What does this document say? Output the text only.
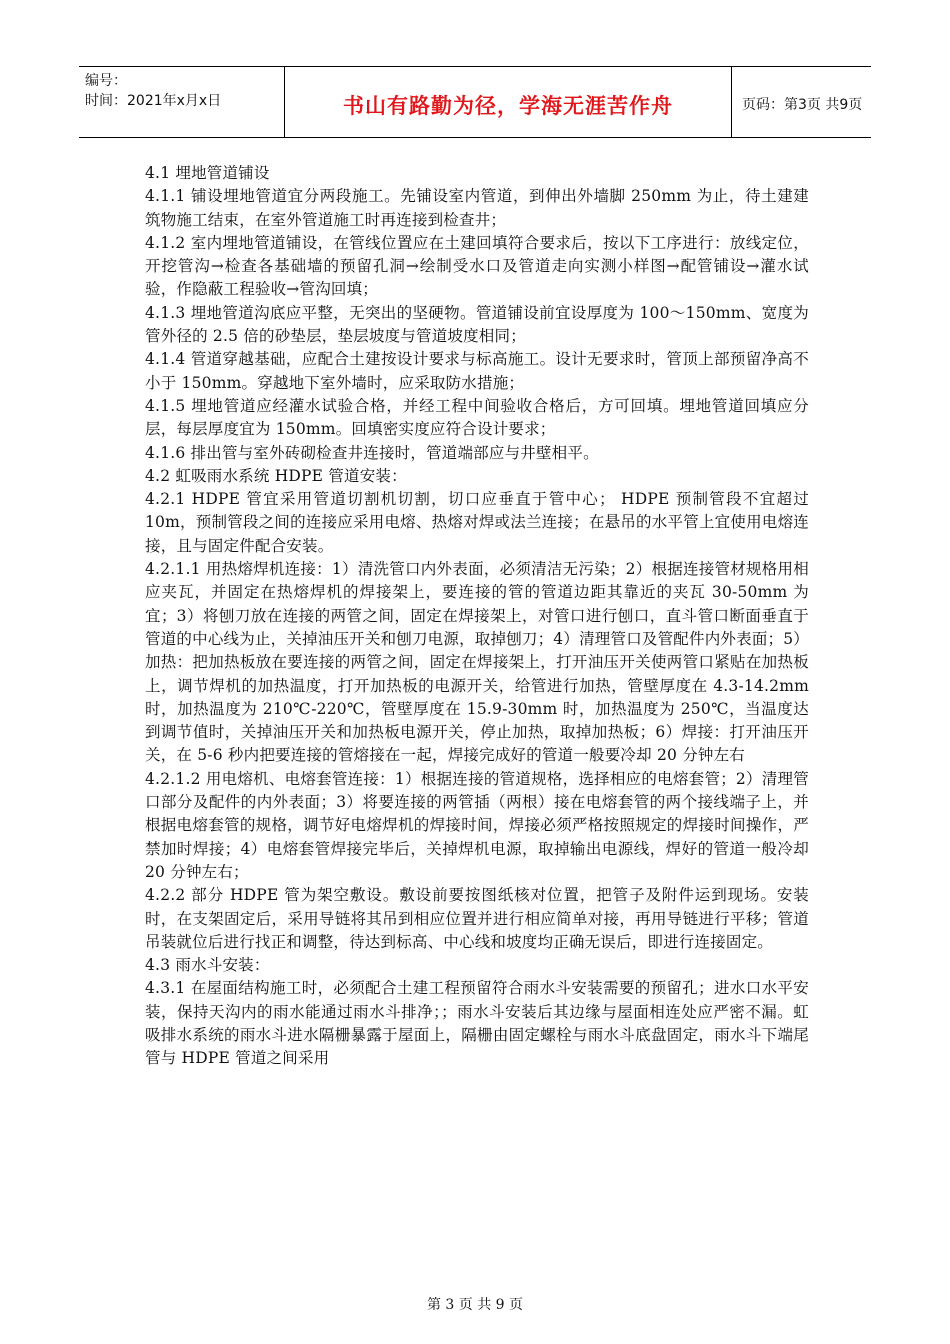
编号：
时间：2021年x月x日	书山有路勤为径，学海无涯苦作舟	页码：第3页 共9页

4.1 埋地管道铺设

4.1.1 铺设埋地管道宜分两段施工。先铺设室内管道，到伸出外墙脚 250mm 为止，待土建建筑物施工结束，在室外管道施工时再连接到检查井；

4.1.2 室内埋地管道铺设，在管线位置应在土建回填符合要求后，按以下工序进行：放线定位，开挖管沟→检查各基础墙的预留孔洞→绘制受水口及管道走向实测小样图→配管铺设→灌水试验，作隐蔽工程验收→管沟回填；

4.1.3 埋地管道沟底应平整，无突出的坚硬物。管道铺设前宜设厚度为 100～150mm、宽度为管外径的 2.5 倍的砂垫层，垫层坡度与管道坡度相同；

4.1.4 管道穿越基础，应配合土建按设计要求与标高施工。设计无要求时，管顶上部预留净高不小于 150mm。穿越地下室外墙时，应采取防水措施；

4.1.5 埋地管道应经灌水试验合格，并经工程中间验收合格后，方可回填。埋地管道回填应分层，每层厚度宜为 150mm。回填密实度应符合设计要求；

4.1.6 排出管与室外砖砌检查井连接时，管道端部应与井壁相平。

4.2 虹吸雨水系统 HDPE 管道安装：

4.2.1 HDPE 管宜采用管道切割机切割，切口应垂直于管中心； HDPE 预制管段不宜超过 10m，预制管段之间的连接应采用电熔、热熔对焊或法兰连接；在悬吊的水平管上宜使用电熔连接，且与固定件配合安装。

4.2.1.1 用热熔焊机连接：1）清洗管口内外表面，必须清洁无污染；2）根据连接管材规格用相应夹瓦，并固定在热熔焊机的焊接架上，要连接的管的管道边距其靠近的夹瓦 30-50mm 为宜；3）将刨刀放在连接的两管之间，固定在焊接架上，对管口进行刨口，直斗管口断面垂直于管道的中心线为止，关掉油压开关和刨刀电源，取掉刨刀；4）清理管口及管配件内外表面；5）加热：把加热板放在要连接的两管之间，固定在焊接架上，打开油压开关使两管口紧贴在加热板上，调节焊机的加热温度，打开加热板的电源开关，给管进行加热，管壁厚度在 4.3-14.2mm 时，加热温度为 210℃-220℃，管壁厚度在 15.9-30mm 时，加热温度为 250℃，当温度达到调节值时，关掉油压开关和加热板电源开关，停止加热，取掉加热板；6）焊接：打开油压开关，在 5-6 秒内把要连接的管熔接在一起，焊接完成好的管道一般要冷却 20 分钟左右

4.2.1.2 用电熔机、电熔套管连接：1）根据连接的管道规格，选择相应的电熔套管；2）清理管口部分及配件的内外表面；3）将要连接的两管插（两根）接在电熔套管的两个接线端子上，并根据电熔套管的规格，调节好电熔焊机的焊接时间，焊接必须严格按照规定的焊接时间操作，严禁加时焊接；4）电熔套管焊接完毕后，关掉焊机电源，取掉输出电源线，焊好的管道一般冷却 20 分钟左右；

4.2.2 部分 HDPE 管为架空敷设。敷设前要按图纸核对位置，把管子及附件运到现场。安装时，在支架固定后，采用导链将其吊到相应位置并进行相应简单对接，再用导链进行平移；管道吊装就位后进行找正和调整，待达到标高、中心线和坡度均正确无误后，即进行连接固定。

4.3 雨水斗安装：

4.3.1 在屋面结构施工时，必须配合土建工程预留符合雨水斗安装需要的预留孔；进水口水平安装，保持天沟内的雨水能通过雨水斗排净；；雨水斗安装后其边缘与屋面相连处应严密不漏。虹吸排水系统的雨水斗进水隔栅暴露于屋面上，隔栅由固定螺栓与雨水斗底盘固定，雨水斗下端尾管与 HDPE 管道之间采用

第 3 页 共 9 页
